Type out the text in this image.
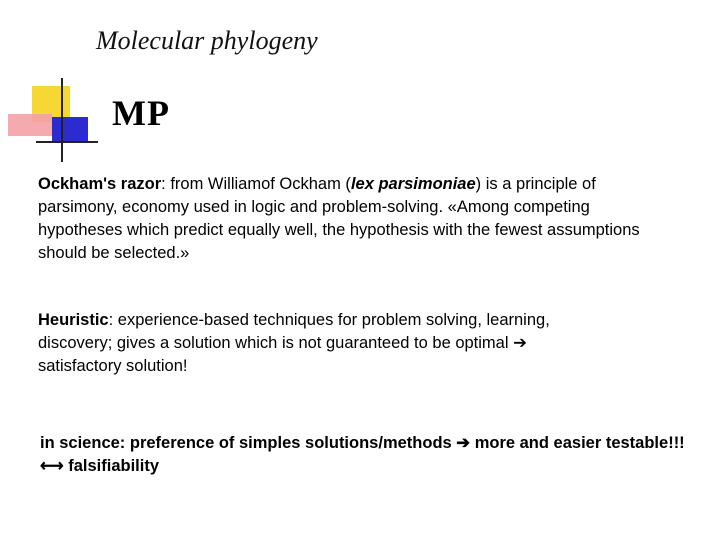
Molecular phylogeny
MP

Ockham's razor: from Williamof Ockham (lex parsimoniae) is a principle of parsimony, economy used in logic and problem-solving. «Among competing hypotheses which predict equally well, the hypothesis with the fewest assumptions should be selected.»

Heuristic: experience-based techniques for problem solving, learning, discovery; gives a solution which is not guaranteed to be optimal ➔ satisfactory solution!

in science: preference of simples solutions/methods ➔ more and easier testable!!! ⟷ falsifiability
